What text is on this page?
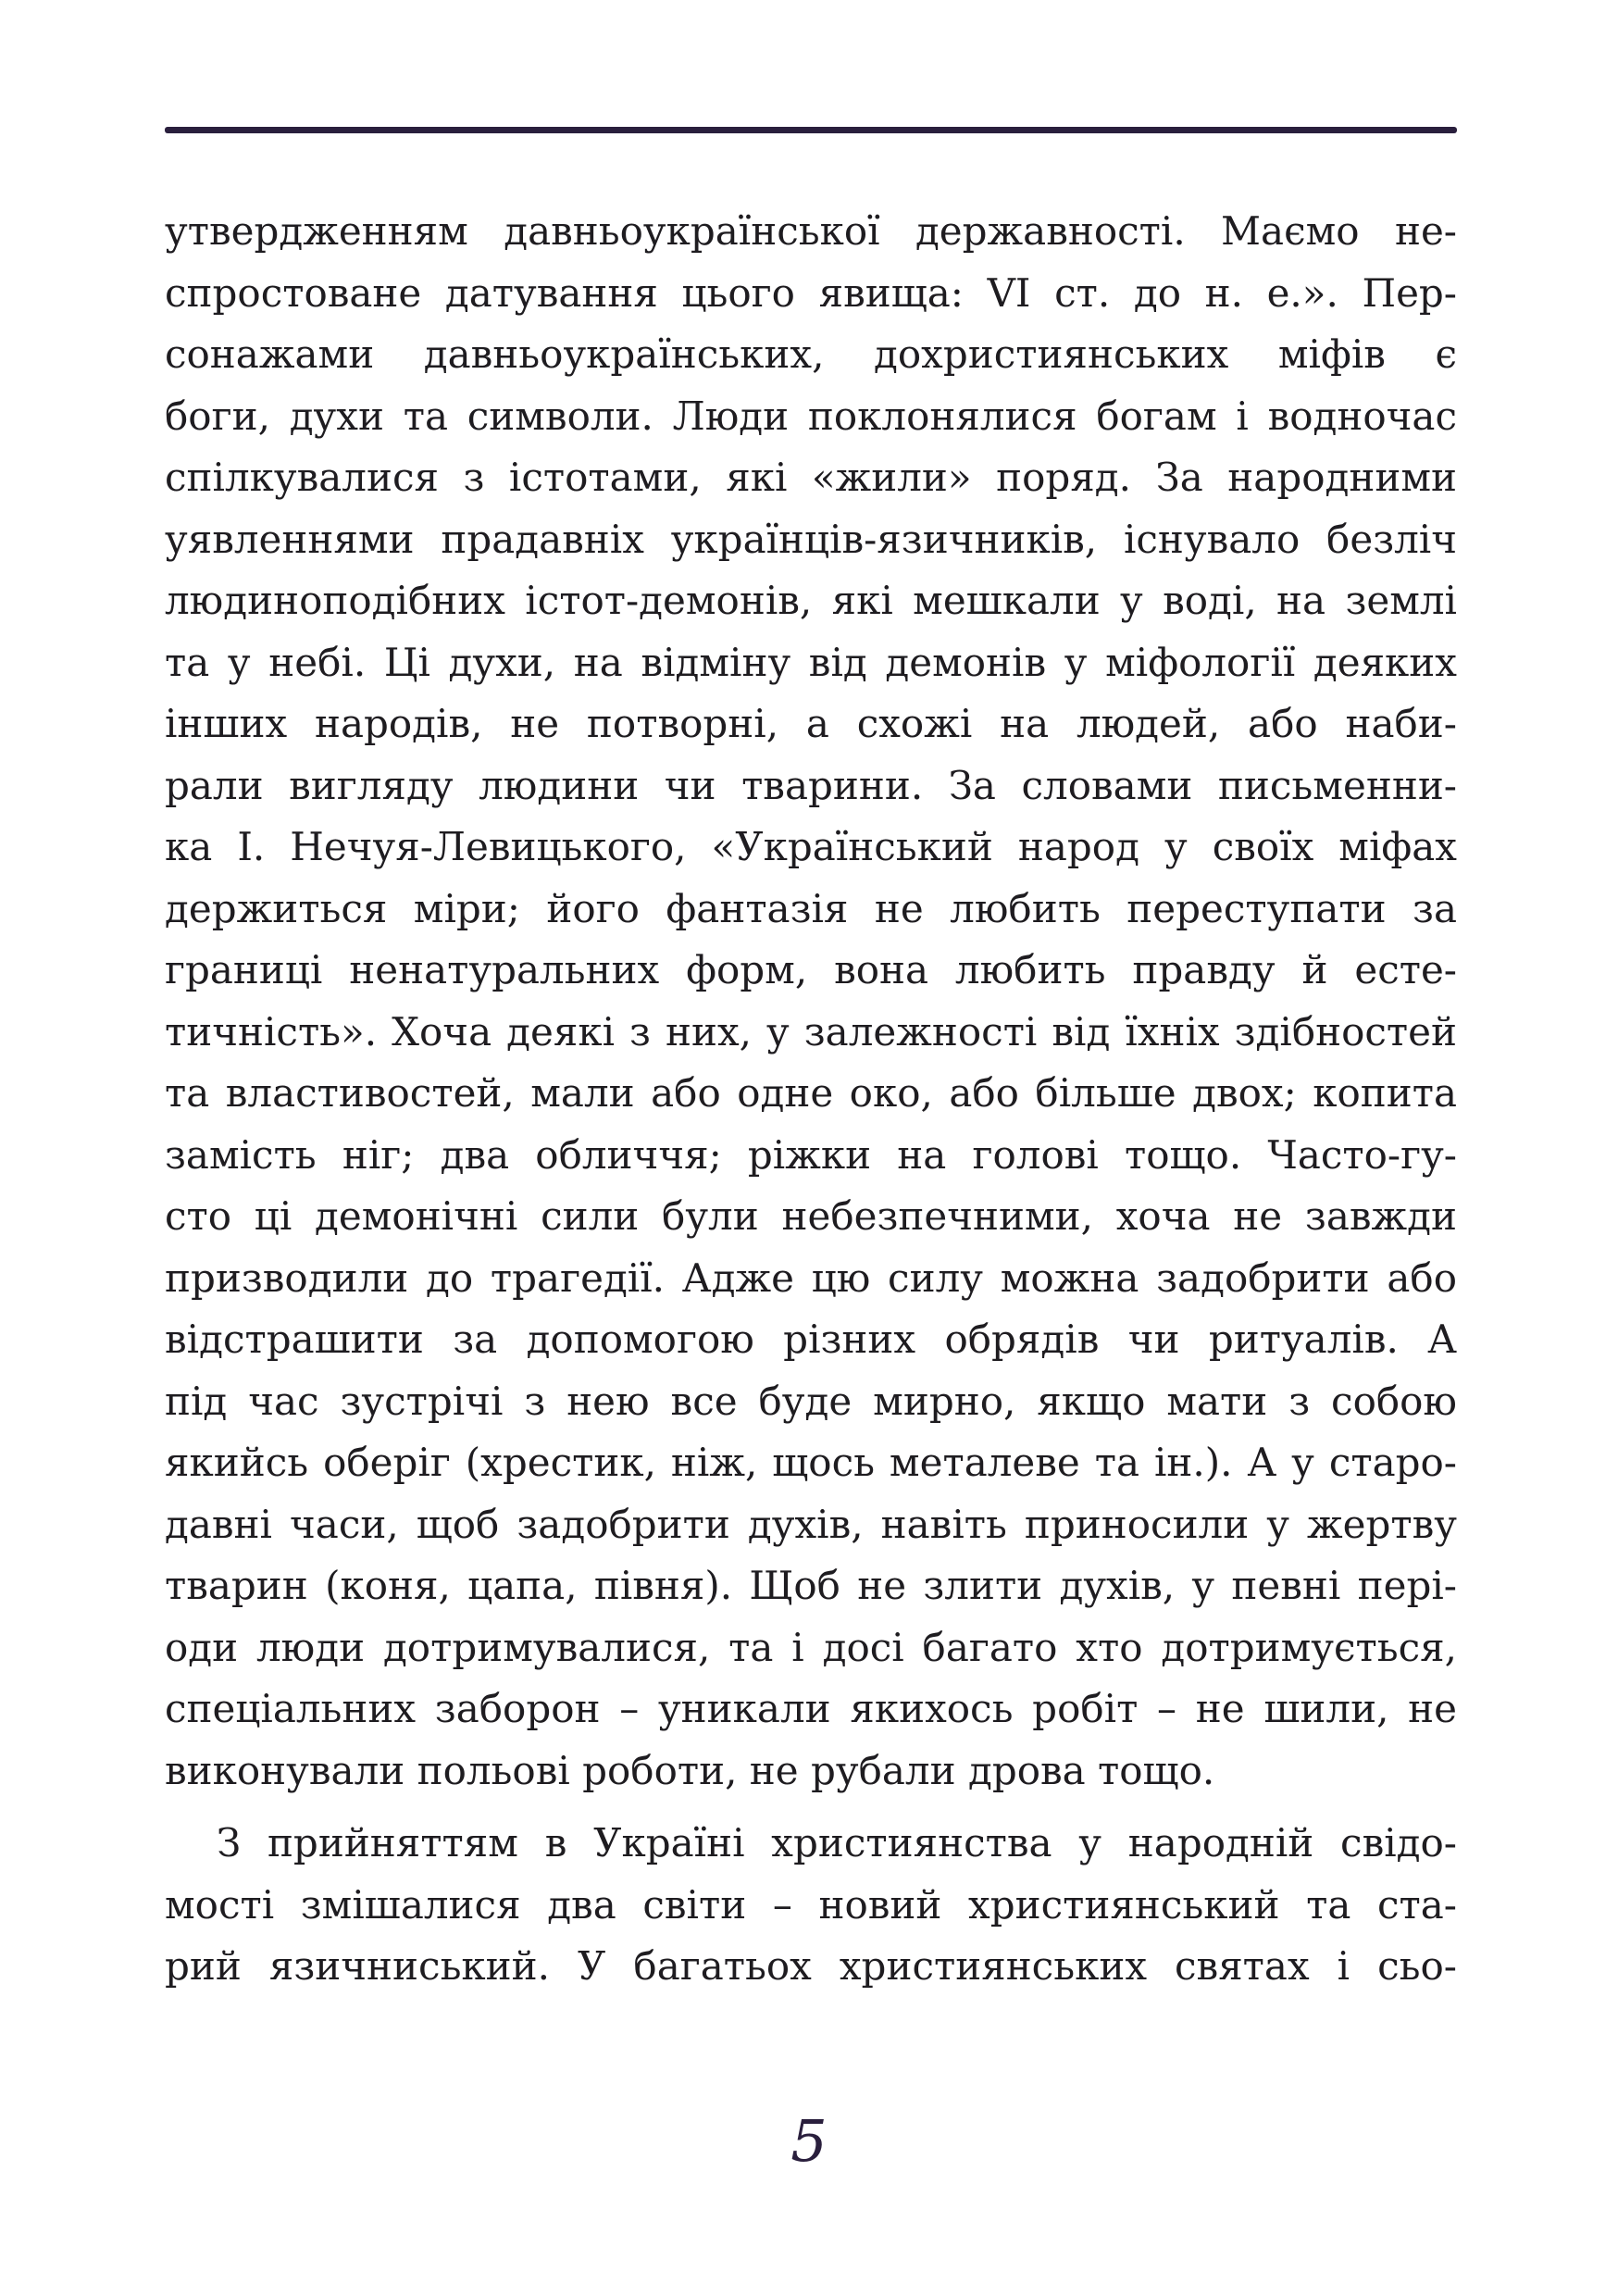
утвердженням давньоукраїнської державності. Маємо не-
спростоване датування цього явища: VI ст. до н. е.». Пер-
сонажами давньоукраїнських, дохристиянських міфів є
боги, духи та символи. Люди поклонялися богам і водночас
спілкувалися з істотами, які «жили» поряд. За народними
уявленнями прадавніх українців-язичників, існувало безліч
людиноподібних істот-демонів, які мешкали у воді, на землі
та у небі. Ці духи, на відміну від демонів у міфології деяких
інших народів, не потворні, а схожі на людей, або наби-
рали вигляду людини чи тварини. За словами письменни-
ка І. Нечуя-Левицького, «Український народ у своїх міфах
держиться міри; його фантазія не любить переступати за
границі ненатуральних форм, вона любить правду й есте-
тичність». Хоча деякі з них, у залежності від їхніх здібностей
та властивостей, мали або одне око, або більше двох; копита
замість ніг; два обличчя; ріжки на голові тощо. Часто-гу-
сто ці демонічні сили були небезпечними, хоча не завжди
призводили до трагедії. Адже цю силу можна задобрити або
відстрашити за допомогою різних обрядів чи ритуалів. А
під час зустрічі з нею все буде мирно, якщо мати з собою
якийсь оберіг (хрестик, ніж, щось металеве та ін.). А у старо-
давні часи, щоб задобрити духів, навіть приносили у жертву
тварин (коня, цапа, півня). Щоб не злити духів, у певні пері-
оди люди дотримувалися, та і досі багато хто дотримується,
спеціальних заборон – уникали якихось робіт – не шили, не
виконували польові роботи, не рубали дрова тощо.
З прийняттям в Україні християнства у народній свідо-
мості змішалися два світи – новий християнський та ста-
рий язичниський. У багатьох християнських святах і сьо-
5
